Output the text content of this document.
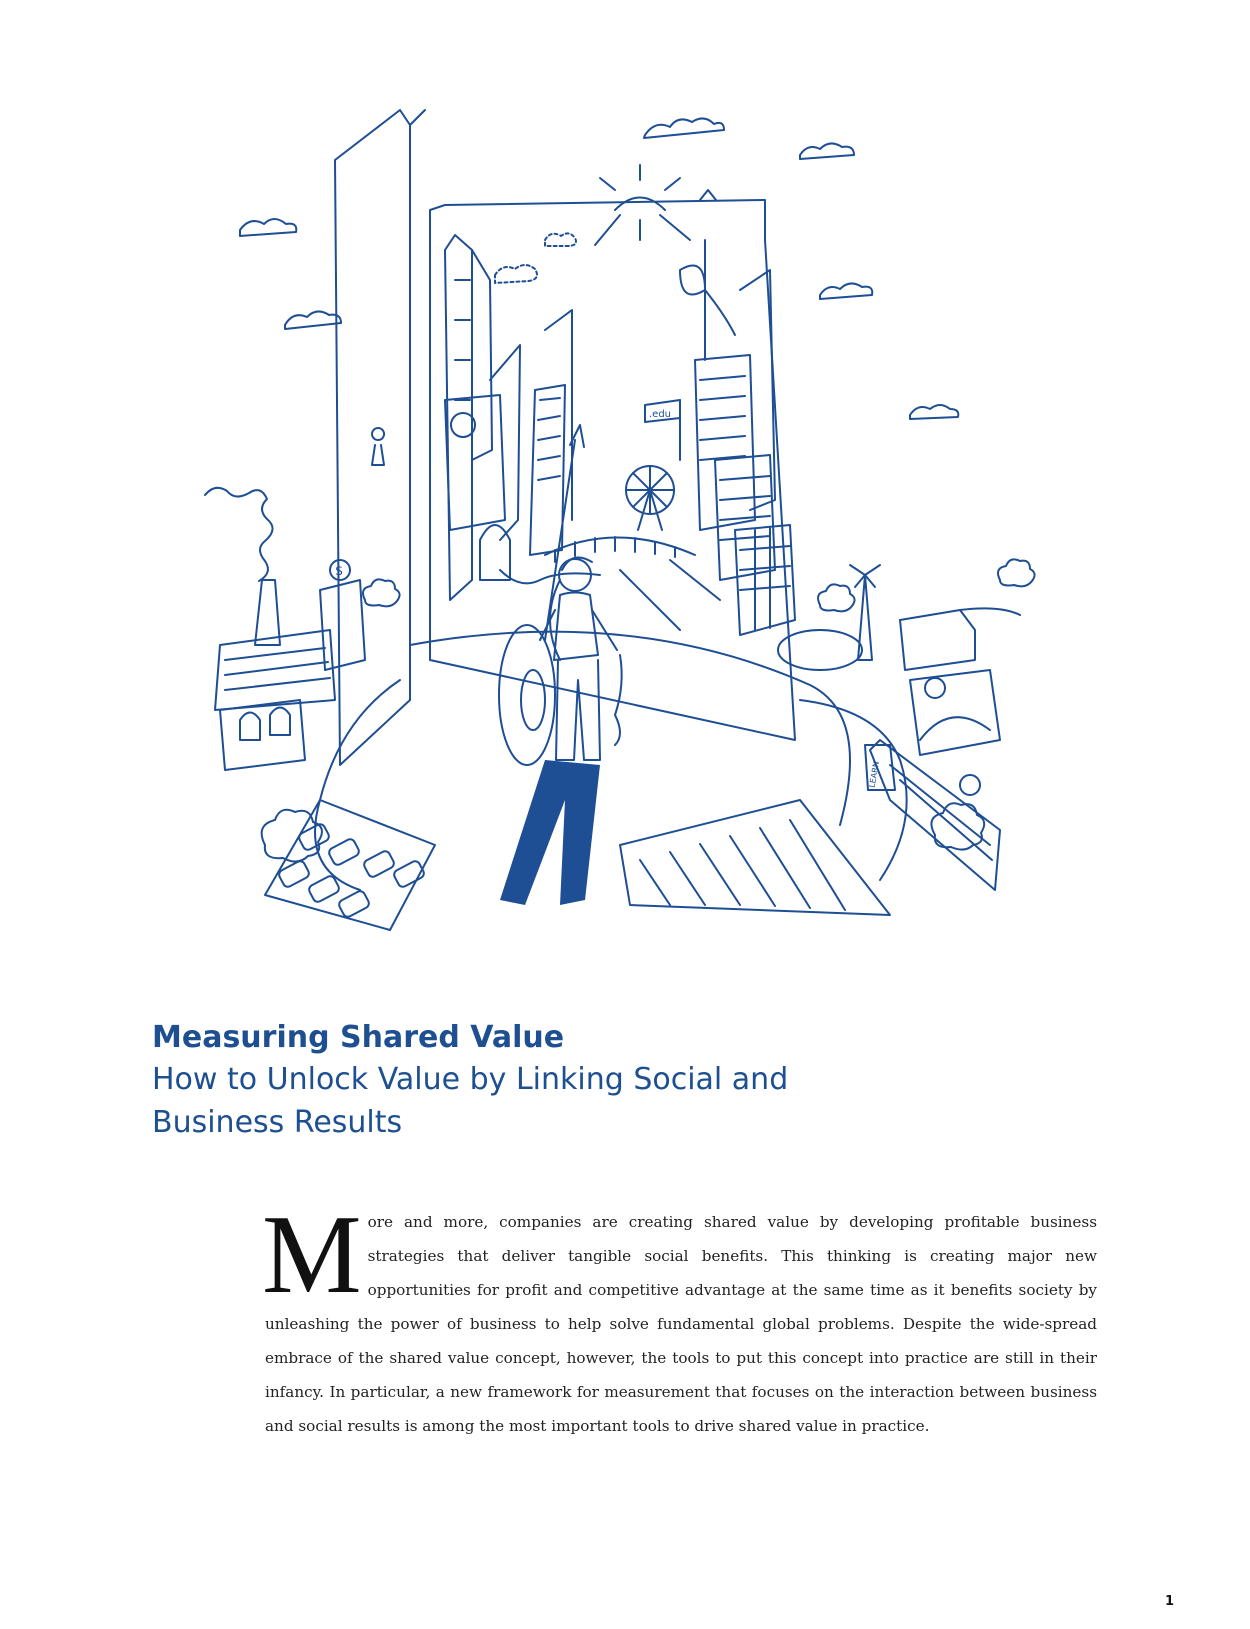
.edu
$
LEARN
Measuring Shared Value
How to Unlock Value by Linking Social and Business Results

More and more, companies are creating shared value by developing profitable business strategies that deliver tangible social benefits. This thinking is creating major new opportunities for profit and competitive advantage at the same time as it benefits society by unleashing the power of business to help solve fundamental global problems. Despite the wide-spread embrace of the shared value concept, however, the tools to put this concept into practice are still in their infancy. In particular, a new framework for measurement that focuses on the interaction between business and social results is among the most important tools to drive shared value in practice.

1
